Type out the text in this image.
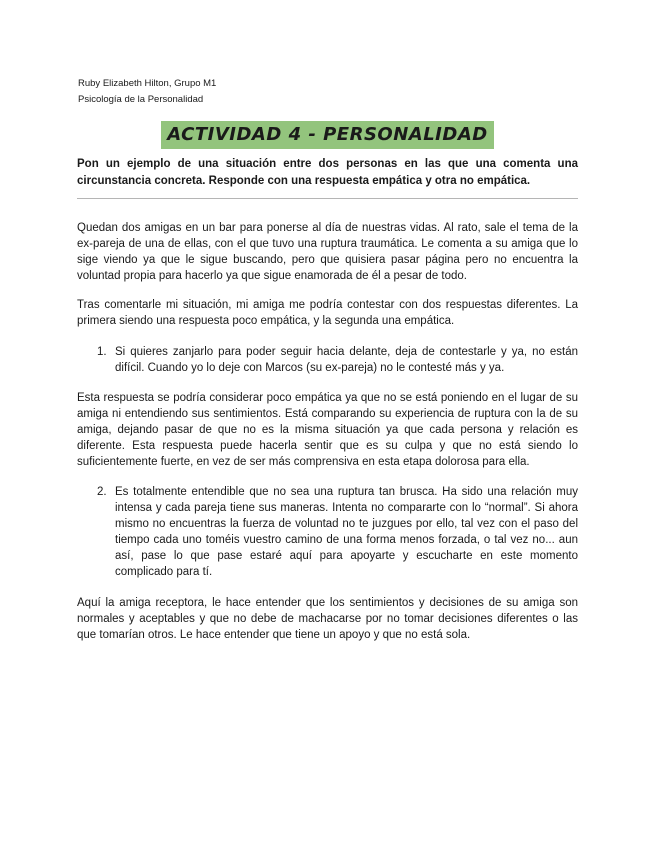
Ruby Elizabeth Hilton, Grupo M1
Psicología de la Personalidad
ACTIVIDAD 4 - PERSONALIDAD
Pon un ejemplo de una situación entre dos personas en las que una comenta una circunstancia concreta. Responde con una respuesta empática y otra no empática.
Quedan dos amigas en un bar para ponerse al día de nuestras vidas. Al rato, sale el tema de la ex-pareja de una de ellas, con el que tuvo una ruptura traumática. Le comenta a su amiga que lo sige viendo ya que le sigue buscando, pero que quisiera pasar página pero no encuentra la voluntad propia para hacerlo ya que sigue enamorada de él a pesar de todo.
Tras comentarle mi situación, mi amiga me podría contestar con dos respuestas diferentes. La primera siendo una respuesta poco empática, y la segunda una empática.
1. Si quieres zanjarlo para poder seguir hacia delante, deja de contestarle y ya, no están difícil. Cuando yo lo deje con Marcos (su ex-pareja) no le contesté más y ya.
Esta respuesta se podría considerar poco empática ya que no se está poniendo en el lugar de su amiga ni entendiendo sus sentimientos. Está comparando su experiencia de ruptura con la de su amiga, dejando pasar de que no es la misma situación ya que cada persona y relación es diferente. Esta respuesta puede hacerla sentir que es su culpa y que no está siendo lo suficientemente fuerte, en vez de ser más comprensiva en esta etapa dolorosa para ella.
2. Es totalmente entendible que no sea una ruptura tan brusca. Ha sido una relación muy intensa y cada pareja tiene sus maneras. Intenta no compararte con lo “normal”. Si ahora mismo no encuentras la fuerza de voluntad no te juzgues por ello, tal vez con el paso del tiempo cada uno toméis vuestro camino de una forma menos forzada, o tal vez no... aun así, pase lo que pase estaré aquí para apoyarte y escucharte en este momento complicado para tí.
Aquí la amiga receptora, le hace entender que los sentimientos y decisiones de su amiga son normales y aceptables y que no debe de machacarse por no tomar decisiones diferentes o las que tomarían otros. Le hace entender que tiene un apoyo y que no está sola.
